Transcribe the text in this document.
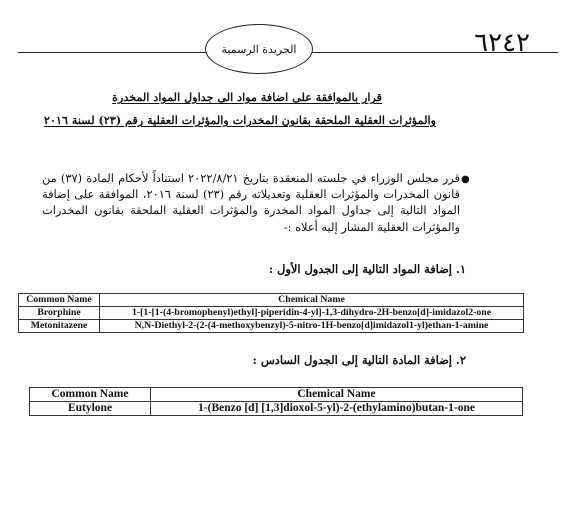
الجريدة الرسمية	٦٢٤٢
قرار بالموافقة على اضافة مواد الى جداول المواد المخدرة
والمؤثرات العقلية الملحقة بقانون المخدرات والمؤثرات العقلية رقم (٢٣) لسنة ٢٠١٦
●
قرر مجلس الوزراء في جلسته المنعقدة بتاريخ ٢٠٢٢/٨/٢١ استناداً لأحكام المادة (٣٧) من قانون المخدرات والمؤثرات العقلية وتعديلاته رقم (٢٣) لسنة ٢٠١٦، الموافقة على إضافة المواد التالية إلى جداول المواد المخدرة والمؤثرات العقلية الملحقة بقانون المخدرات والمؤثرات العقلية المشار إليه أعلاه :-
١. إضافة المواد التالية إلى الجدول الأول :
Common Name	Chemical Name
Brorphine	1-[1-[1-(4-bromophenyl)ethyl]-piperidin-4-yl]-1,3-dihydro-2H-benzo[d]-imidazol2-one
Metonitazene	N,N-Diethyl-2-(2-(4-methoxybenzyl)-5-nitro-1H-benzo[d]imidazol1-yl)ethan-1-amine
٢. إضافة المادة التالية إلى الجدول السادس :
Common Name	Chemical Name
Eutylone	1-(Benzo [d] [1,3]dioxol-5-yl)-2-(ethylamino)butan-1-one
